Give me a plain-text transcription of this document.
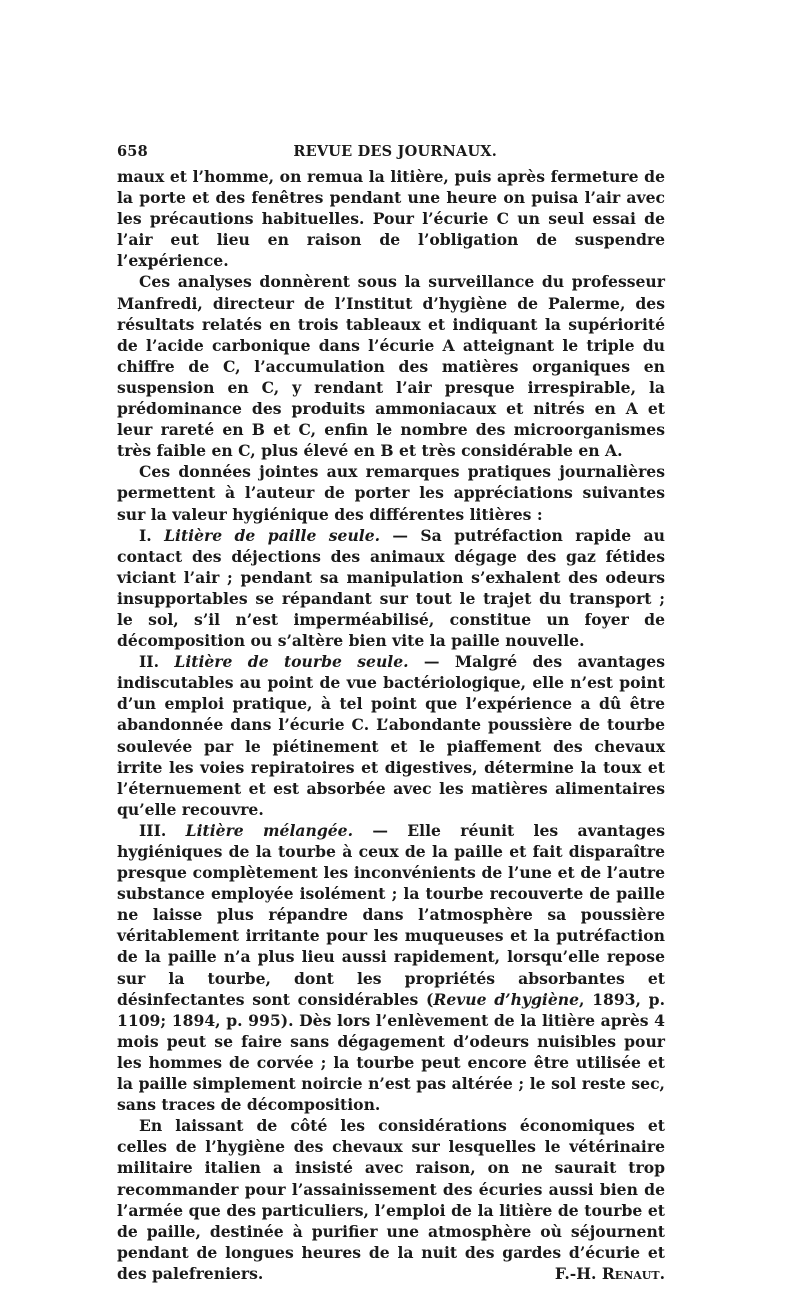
658	REVUE DES JOURNAUX.

maux et l’homme, on remua la litière, puis après fermeture de la porte et des fenêtres pendant une heure on puisa l’air avec les précautions habituelles. Pour l’écurie C un seul essai de l’air eut lieu en raison de l’obligation de suspendre l’expérience.

Ces analyses donnèrent sous la surveillance du professeur Manfredi, directeur de l’Institut d’hygiène de Palerme, des résultats relatés en trois tableaux et indiquant la supériorité de l’acide carbonique dans l’écurie A atteignant le triple du chiffre de C, l’accumulation des matières organiques en suspension en C, y rendant l’air presque irrespirable, la prédominance des produits ammoniacaux et nitrés en A et leur rareté en B et C, enfin le nombre des microorganismes très faible en C, plus élevé en B et très considérable en A.

Ces données jointes aux remarques pratiques journalières permettent à l’auteur de porter les appréciations suivantes sur la valeur hygiénique des différentes litières :

I. Litière de paille seule. — Sa putréfaction rapide au contact des déjections des animaux dégage des gaz fétides viciant l’air ; pendant sa manipulation s’exhalent des odeurs insupportables se répandant sur tout le trajet du transport ; le sol, s’il n’est imperméabilisé, constitue un foyer de décomposition ou s’altère bien vite la paille nouvelle.

II. Litière de tourbe seule. — Malgré des avantages indiscutables au point de vue bactériologique, elle n’est point d’un emploi pratique, à tel point que l’expérience a dû être abandonnée dans l’écurie C. L’abondante poussière de tourbe soulevée par le piétinement et le piaffement des chevaux irrite les voies repiratoires et digestives, détermine la toux et l’éternuement et est absorbée avec les matières alimentaires qu’elle recouvre.

III. Litière mélangée. — Elle réunit les avantages hygiéniques de la tourbe à ceux de la paille et fait disparaître presque complètement les inconvénients de l’une et de l’autre substance employée isolément ; la tourbe recouverte de paille ne laisse plus répandre dans l’atmosphère sa poussière véritablement irritante pour les muqueuses et la putréfaction de la paille n’a plus lieu aussi rapidement, lorsqu’elle repose sur la tourbe, dont les propriétés absorbantes et désinfectantes sont considérables (Revue d’hygiène, 1893, p. 1109; 1894, p. 995). Dès lors l’enlèvement de la litière après 4 mois peut se faire sans dégagement d’odeurs nuisibles pour les hommes de corvée ; la tourbe peut encore être utilisée et la paille simplement noircie n’est pas altérée ; le sol reste sec, sans traces de décomposition.

En laissant de côté les considérations économiques et celles de l’hygiène des chevaux sur lesquelles le vétérinaire militaire italien a insisté avec raison, on ne saurait trop recommander pour l’assainissement des écuries aussi bien de l’armée que des particuliers, l’emploi de la litière de tourbe et de paille, destinée à purifier une atmosphère où séjournent pendant de longues heures de la nuit des gardes d’écurie et des palefreniers.	F.-H. Renaut.
